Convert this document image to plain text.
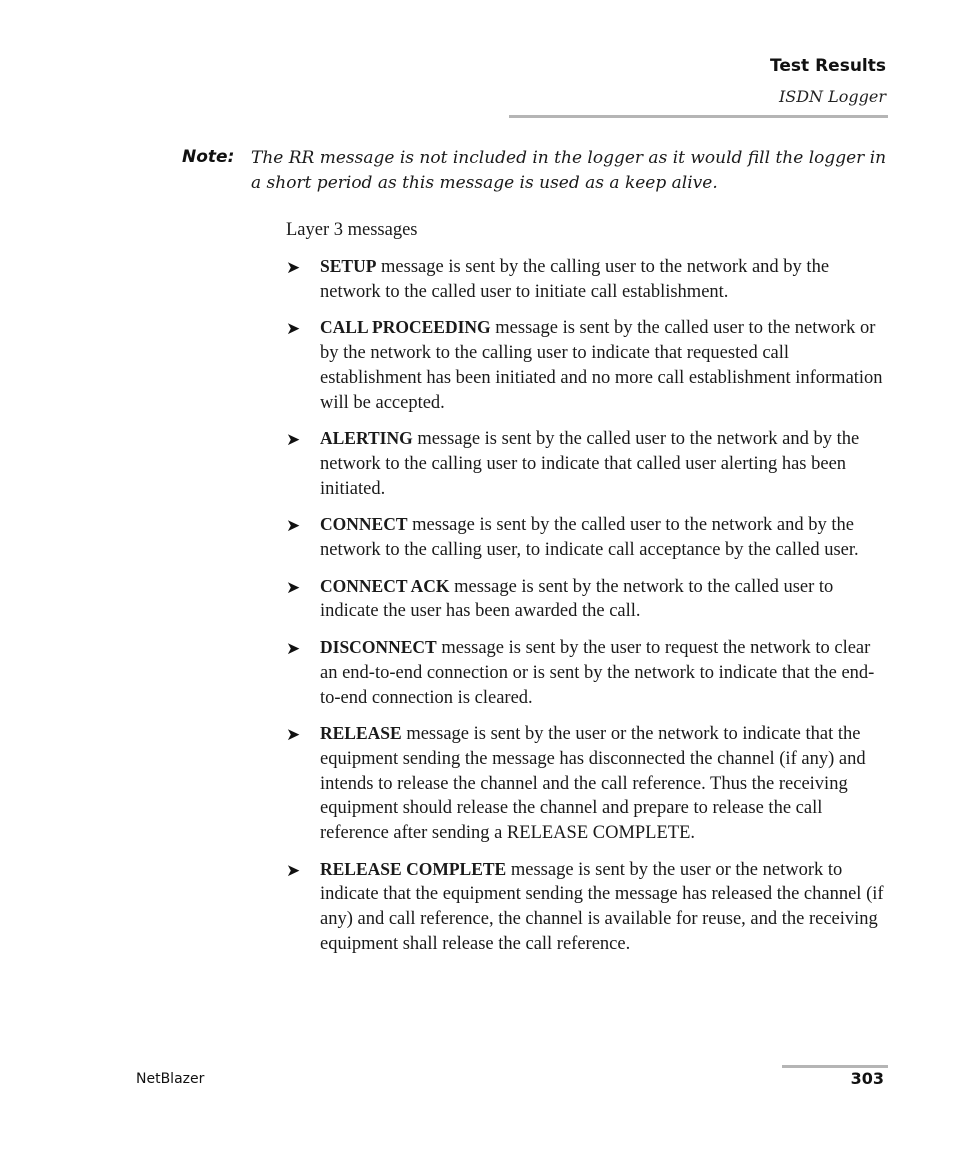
Test Results
ISDN Logger
Note: The RR message is not included in the logger as it would fill the logger in a short period as this message is used as a keep alive.
Layer 3 messages
➤ SETUP message is sent by the calling user to the network and by the network to the called user to initiate call establishment.
➤ CALL PROCEEDING message is sent by the called user to the network or by the network to the calling user to indicate that requested call establishment has been initiated and no more call establishment information will be accepted.
➤ ALERTING message is sent by the called user to the network and by the network to the calling user to indicate that called user alerting has been initiated.
➤ CONNECT message is sent by the called user to the network and by the network to the calling user, to indicate call acceptance by the called user.
➤ CONNECT ACK message is sent by the network to the called user to indicate the user has been awarded the call.
➤ DISCONNECT message is sent by the user to request the network to clear an end-to-end connection or is sent by the network to indicate that the end-to-end connection is cleared.
➤ RELEASE message is sent by the user or the network to indicate that the equipment sending the message has disconnected the channel (if any) and intends to release the channel and the call reference. Thus the receiving equipment should release the channel and prepare to release the call reference after sending a RELEASE COMPLETE.
➤ RELEASE COMPLETE message is sent by the user or the network to indicate that the equipment sending the message has released the channel (if any) and call reference, the channel is available for reuse, and the receiving equipment shall release the call reference.
NetBlazer	303
